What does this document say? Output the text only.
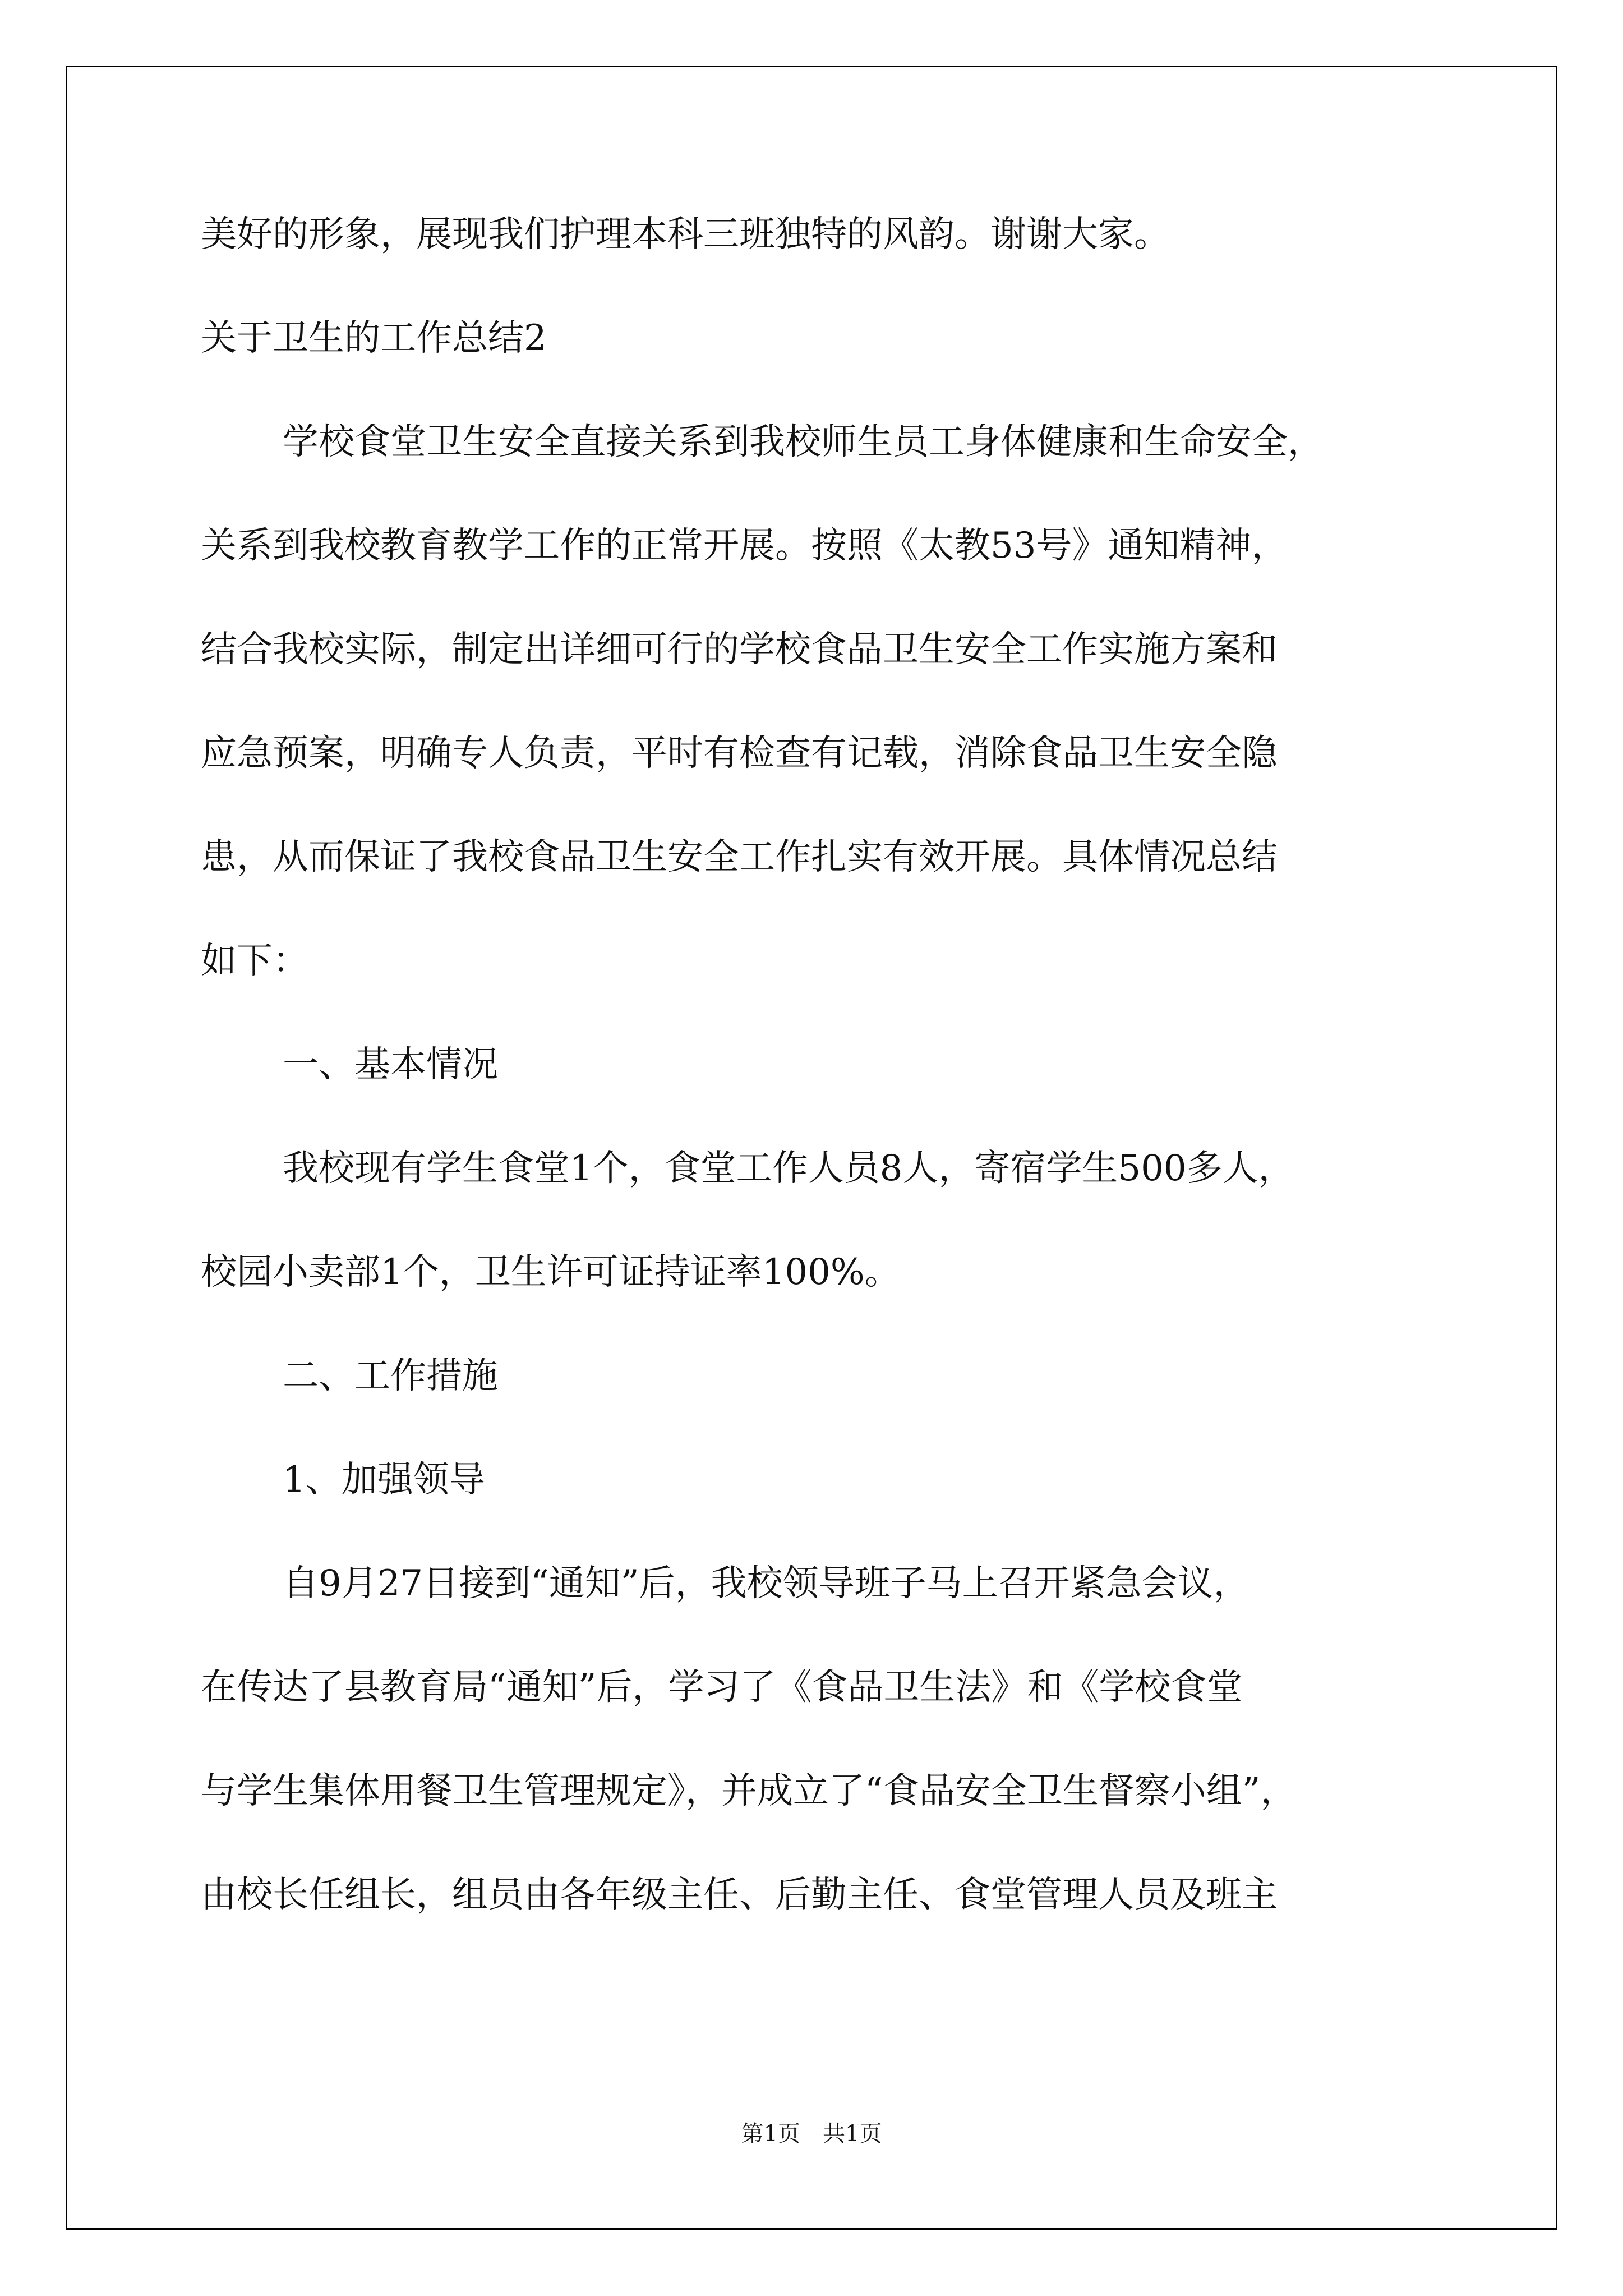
美好的形象，展现我们护理本科三班独特的风韵。谢谢大家。
关于卫生的工作总结2
学校食堂卫生安全直接关系到我校师生员工身体健康和生命安全，
关系到我校教育教学工作的正常开展。按照《太教53号》通知精神，
结合我校实际，制定出详细可行的学校食品卫生安全工作实施方案和
应急预案，明确专人负责，平时有检查有记载，消除食品卫生安全隐
患，从而保证了我校食品卫生安全工作扎实有效开展。具体情况总结
如下：
一、基本情况
我校现有学生食堂1个，食堂工作人员8人，寄宿学生500多人，
校园小卖部1个，卫生许可证持证率100%。
二、工作措施
1、加强领导
自9月27日接到“通知”后，我校领导班子马上召开紧急会议，
在传达了县教育局“通知”后，学习了《食品卫生法》和《学校食堂
与学生集体用餐卫生管理规定》，并成立了“食品安全卫生督察小组”，
由校长任组长，组员由各年级主任、后勤主任、食堂管理人员及班主
第1页　共1页
